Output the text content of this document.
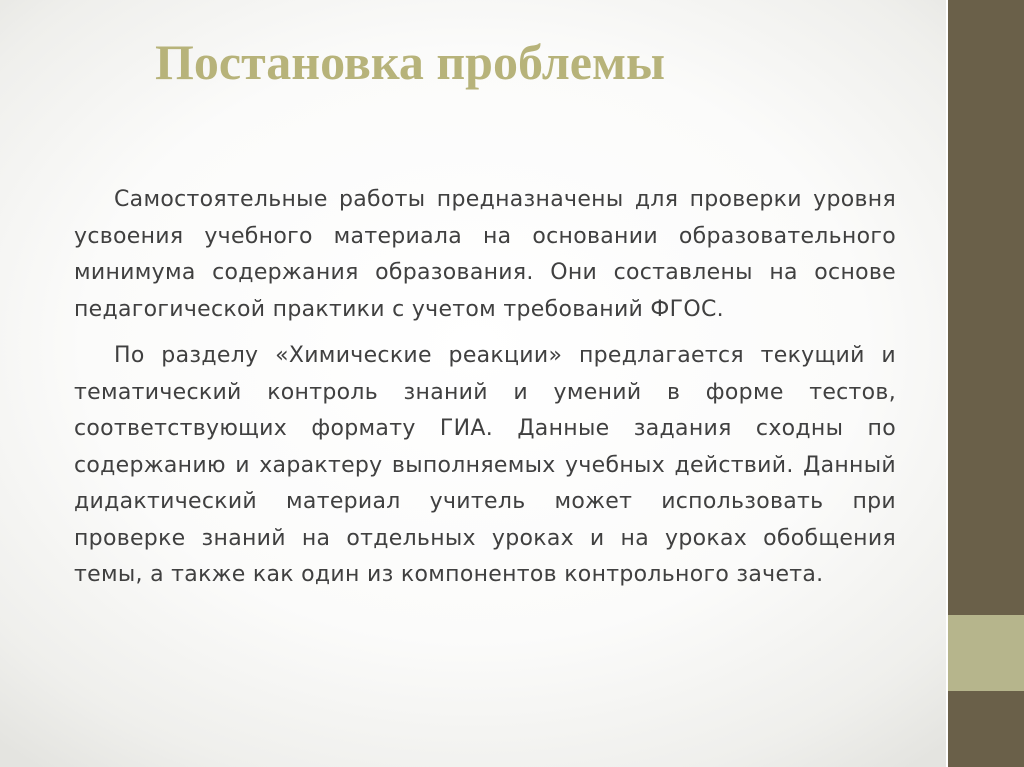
Постановка проблемы

Самостоятельные работы предназначены для проверки уровня усвоения учебного материала на основании образовательного минимума содержания образования. Они составлены на основе педагогической практики с учетом требований ФГОС.

По разделу «Химические реакции» предлагается текущий и тематический контроль знаний и умений в форме тестов, соответствующих формату ГИА. Данные задания сходны по содержанию и характеру выполняемых учебных действий. Данный дидактический материал учитель может использовать при проверке знаний на отдельных уроках и на уроках обобщения темы, а также как один из компонентов контрольного зачета.
